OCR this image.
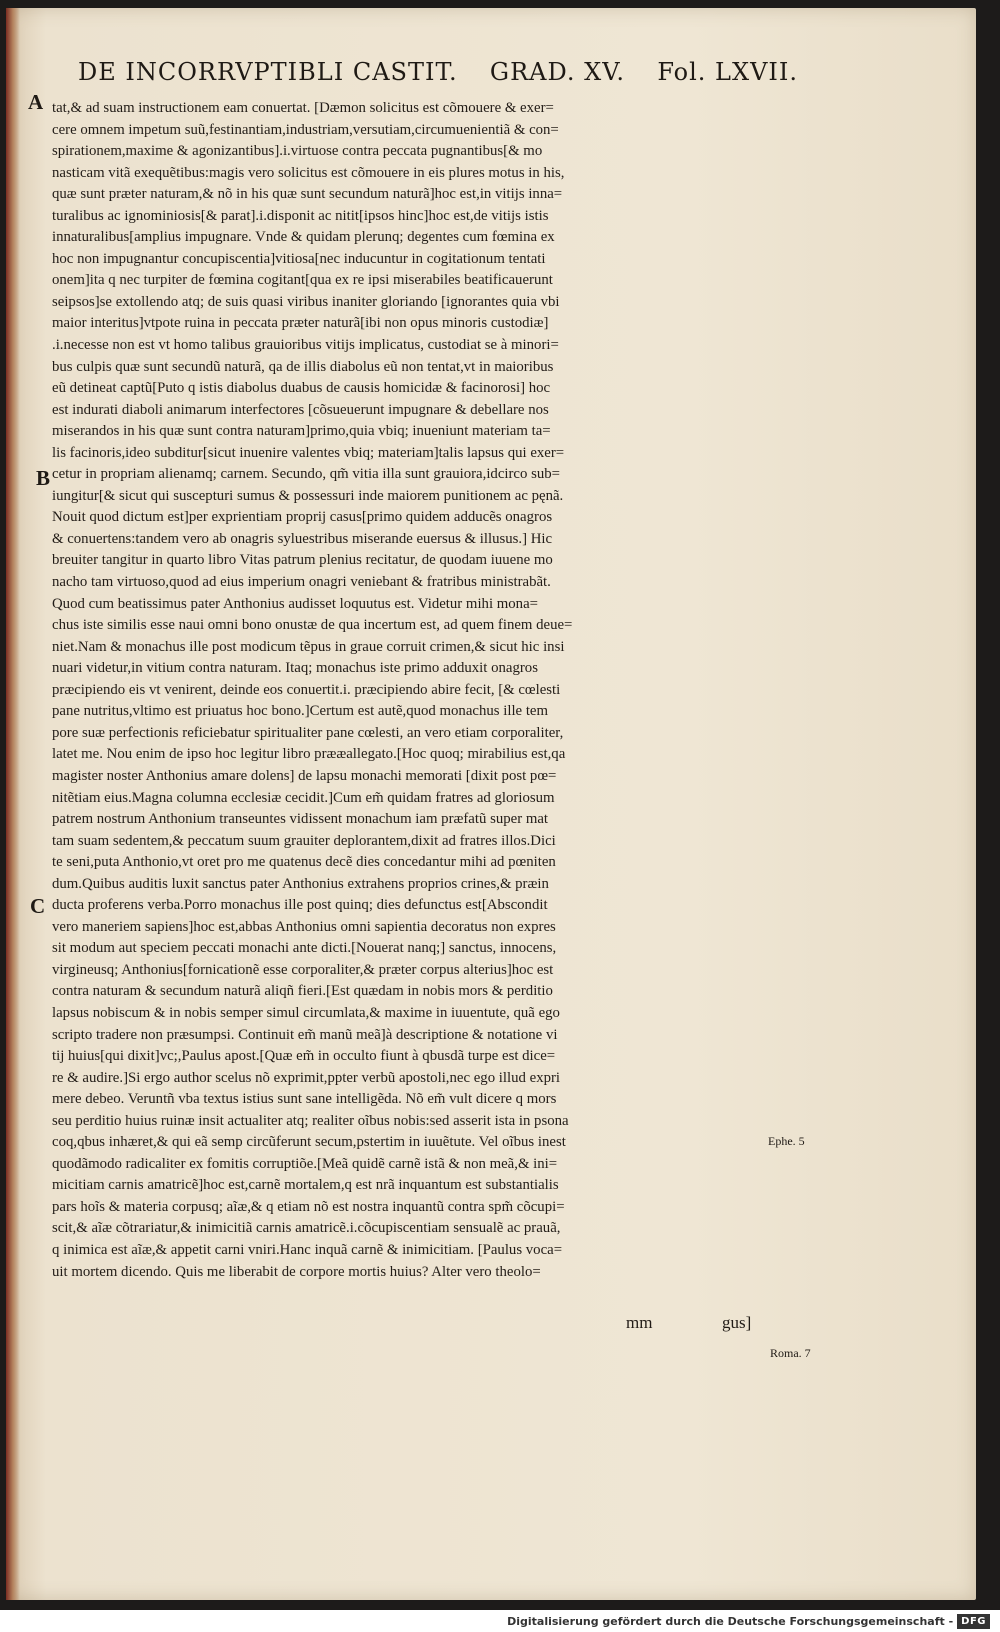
DE INCORRVPTIBLI CASTIT. GRAD. XV. Fol. LXVII.
A
B
C
Ephe. 5
Roma. 7
tat,& ad suam instructionem eam conuertat. [Dæmon solicitus est cõmouere & exer=
cere omnem impetum suũ,festinantiam,industriam,versutiam,circumuenientiã & con=
spirationem,maxime & agonizantibus].i.virtuose contra peccata pugnantibus[& mo
nasticam vitã exequẽtibus:magis vero solicitus est cõmouere in eis plures motus in his,
quæ sunt præter naturam,& nõ in his quæ sunt secundum naturã]hoc est,in vitijs inna=
turalibus ac ignominiosis[& parat].i.disponit ac nitit[ipsos hinc]hoc est,de vitijs istis
innaturalibus[amplius impugnare. Vnde & quidam plerunq; degentes cum fœmina ex
hoc non impugnantur concupiscentia]vitiosa[nec inducuntur in cogitationum tentati
onem]ita q nec turpiter de fœmina cogitant[qua ex re ipsi miserabiles beatificauerunt
seipsos]se extollendo atq; de suis quasi viribus inaniter gloriando [ignorantes quia vbi
maior interitus]vtpote ruina in peccata præter naturã[ibi non opus minoris custodiæ]
.i.necesse non est vt homo talibus grauioribus vitijs implicatus, custodiat se à minori=
bus culpis quæ sunt secundũ naturã, qa de illis diabolus eũ non tentat,vt in maioribus
eũ detineat captũ[Puto q istis diabolus duabus de causis homicidæ & facinorosi] hoc
est indurati diaboli animarum interfectores [cõsueuerunt impugnare & debellare nos
miserandos in his quæ sunt contra naturam]primo,quia vbiq; inueniunt materiam ta=
lis facinoris,ideo subditur[sicut inuenire valentes vbiq; materiam]talis lapsus qui exer=
cetur in propriam alienamq; carnem. Secundo, qm̃ vitia illa sunt grauiora,idcirco sub=
iungitur[& sicut qui suscepturi sumus & possessuri inde maiorem punitionem ac pęnã.
Nouit quod dictum est]per exprientiam proprij casus[primo quidem adducẽs onagros
& conuertens:tandem vero ab onagris syluestribus miserande euersus & illusus.] Hic
breuiter tangitur in quarto libro Vitas patrum plenius recitatur, de quodam iuuene mo
nacho tam virtuoso,quod ad eius imperium onagri veniebant & fratribus ministrabãt.
Quod cum beatissimus pater Anthonius audisset loquutus est. Videtur mihi mona=
chus iste similis esse naui omni bono onustæ de qua incertum est, ad quem finem deue=
niet.Nam & monachus ille post modicum tẽpus in graue corruit crimen,& sicut hic insi
nuari videtur,in vitium contra naturam. Itaq; monachus iste primo adduxit onagros
præcipiendo eis vt venirent, deinde eos conuertit.i. præcipiendo abire fecit, [& cœlesti
pane nutritus,vltimo est priuatus hoc bono.]Certum est autẽ,quod monachus ille tem
pore suæ perfectionis reficiebatur spiritualiter pane cœlesti, an vero etiam corporaliter,
latet me. Nou enim de ipso hoc legitur libro prææallegato.[Hoc quoq; mirabilius est,qa
magister noster Anthonius amare dolens] de lapsu monachi memorati [dixit post pœ=
nitẽtiam eius.Magna columna ecclesiæ cecidit.]Cum em̃ quidam fratres ad gloriosum
patrem nostrum Anthonium transeuntes vidissent monachum iam præfatũ super mat
tam suam sedentem,& peccatum suum grauiter deplorantem,dixit ad fratres illos.Dici
te seni,puta Anthonio,vt oret pro me quatenus decẽ dies concedantur mihi ad pœniten
dum.Quibus auditis luxit sanctus pater Anthonius extrahens proprios crines,& præin
ducta proferens verba.Porro monachus ille post quinq; dies defunctus est[Abscondit
vero maneriem sapiens]hoc est,abbas Anthonius omni sapientia decoratus non expres
sit modum aut speciem peccati monachi ante dicti.[Nouerat nanq;] sanctus, innocens,
virgineusq; Anthonius[fornicationẽ esse corporaliter,& præter corpus alterius]hoc est
contra naturam & secundum naturã aliqñ fieri.[Est quædam in nobis mors & perditio
lapsus nobiscum & in nobis semper simul circumlata,& maxime in iuuentute, quã ego
scripto tradere non præsumpsi. Continuit em̃ manũ meã]à descriptione & notatione vi
tij huius[qui dixit]vc;,Paulus apost.[Quæ em̃ in occulto fiunt à qbusdã turpe est dice=
re & audire.]Si ergo author scelus nõ exprimit,ppter verbũ apostoli,nec ego illud expri
mere debeo. Veruntñ vba textus istius sunt sane intelligẽda. Nõ em̃ vult dicere q mors
seu perditio huius ruinæ insit actualiter atq; realiter oĩbus nobis:sed asserit ista in psona
coq,qbus inhæret,& qui eã semp circũferunt secum,pstertim in iuuẽtute. Vel oĩbus inest
quodãmodo radicaliter ex fomitis corruptiõe.[Meã quidẽ carnẽ istã & non meã,& ini=
micitiam carnis amatricẽ]hoc est,carnẽ mortalem,q est nrã inquantum est substantialis
pars hoĩs & materia corpusq; aĩæ,& q etiam nõ est nostra inquantũ contra spm̃ cõcupi=
scit,& aĩæ cõtrariatur,& inimicitiã carnis amatricẽ.i.cõcupiscentiam sensualẽ ac prauã,
q inimica est aĩæ,& appetit carni vniri.Hanc inquã carnẽ & inimicitiam. [Paulus voca=
uit mortem dicendo. Quis me liberabit de corpore mortis huius? Alter vero theolo=
mm	gus]
Digitalisierung gefördert durch die Deutsche Forschungsgemeinschaft - DFG
